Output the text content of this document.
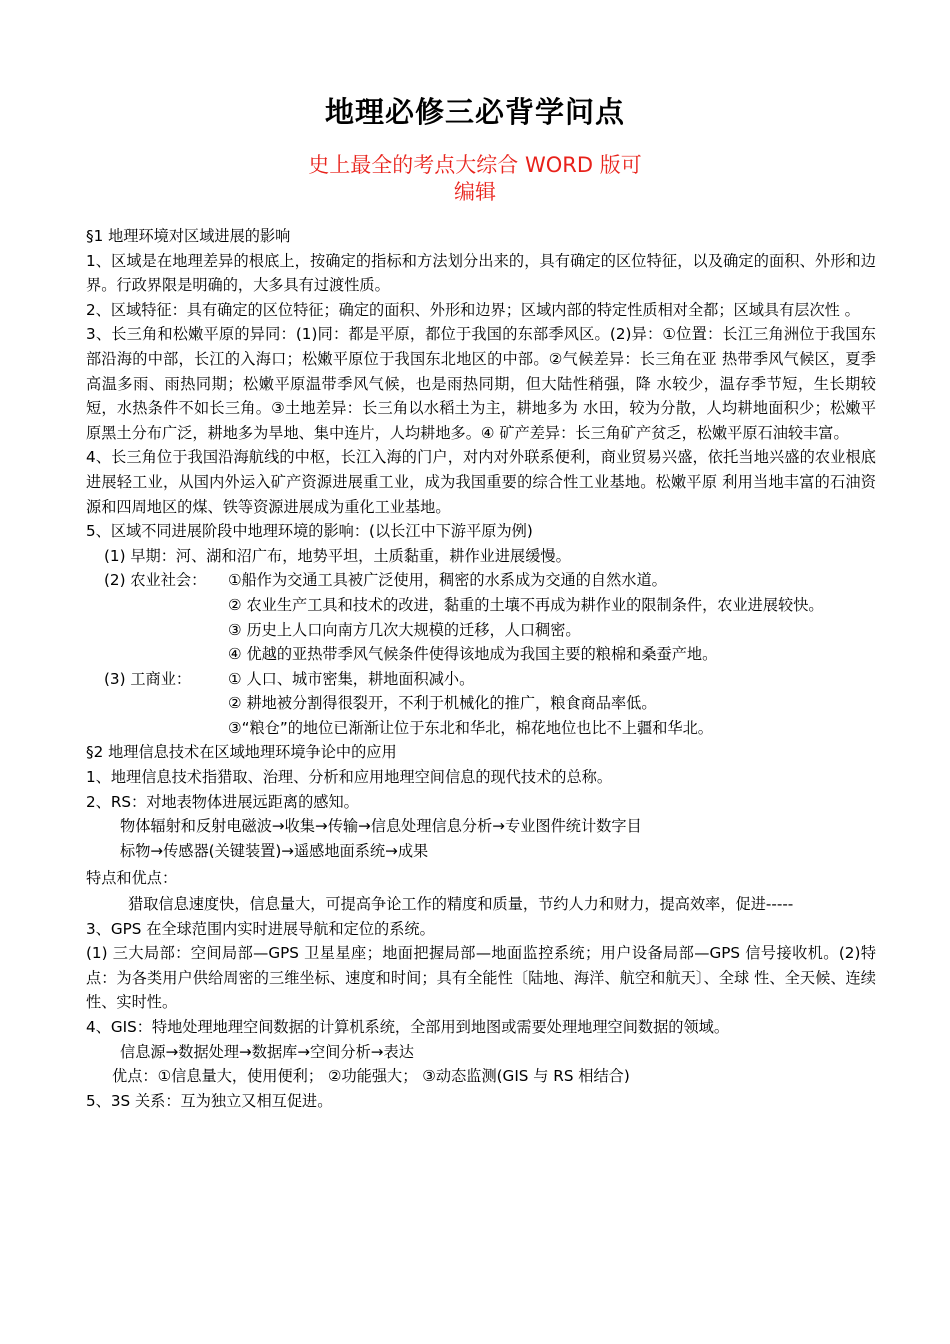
地理必修三必背学问点
史上最全的考点大综合 WORD 版可
编辑

§1 地理环境对区域进展的影响

1、区域是在地理差异的根底上，按确定的指标和方法划分出来的，具有确定的区位特征，以及确定的面积、外形和边界。行政界限是明确的，大多具有过渡性质。

2、区域特征：具有确定的区位特征；确定的面积、外形和边界；区域内部的特定性质相对全都；区域具有层次性 。

3、长三角和松嫩平原的异同：(1)同：都是平原，都位于我国的东部季风区。(2)异：①位置：长江三角洲位于我国东部沿海的中部，长江的入海口；松嫩平原位于我国东北地区的中部。②气候差异：长三角在亚 热带季风气候区，夏季高温多雨、雨热同期；松嫩平原温带季风气候，也是雨热同期，但大陆性稍强，降 水较少，温存季节短，生长期较短，水热条件不如长三角。③土地差异：长三角以水稻土为主，耕地多为 水田，较为分散，人均耕地面积少；松嫩平原黑土分布广泛，耕地多为旱地、集中连片，人均耕地多。④ 矿产差异：长三角矿产贫乏，松嫩平原石油较丰富。

4、长三角位于我国沿海航线的中枢，长江入海的门户，对内对外联系便利，商业贸易兴盛，依托当地兴盛的农业根底进展轻工业，从国内外运入矿产资源进展重工业，成为我国重要的综合性工业基地。松嫩平原 利用当地丰富的石油资源和四周地区的煤、铁等资源进展成为重化工业基地。

5、区域不同进展阶段中地理环境的影响：(以长江中下游平原为例)

(1) 早期：河、湖和沼广布，地势平坦，土质黏重，耕作业进展缓慢。

(2) 农业社会：	①船作为交通工具被广泛使用，稠密的水系成为交通的自然水道。

② 农业生产工具和技术的改进，黏重的土壤不再成为耕作业的限制条件，农业进展较快。

③ 历史上人口向南方几次大规模的迁移，人口稠密。

④ 优越的亚热带季风气候条件使得该地成为我国主要的粮棉和桑蚕产地。

(3) 工商业：	① 人口、城市密集，耕地面积减小。

② 耕地被分割得很裂开，不利于机械化的推广，粮食商品率低。

③“粮仓”的地位已渐渐让位于东北和华北，棉花地位也比不上疆和华北。

§2 地理信息技术在区域地理环境争论中的应用

1、地理信息技术指猎取、治理、分析和应用地理空间信息的现代技术的总称。

2、RS：对地表物体进展远距离的感知。

物体辐射和反射电磁波→收集→传输→信息处理信息分析→专业图件统计数字目

标物→传感器(关键装置)→遥感地面系统→成果

特点和优点：

猎取信息速度快，信息量大，可提高争论工作的精度和质量，节约人力和财力，提高效率，促进-----

3、GPS 在全球范围内实时进展导航和定位的系统。

(1) 三大局部：空间局部—GPS 卫星星座；地面把握局部—地面监控系统；用户设备局部—GPS 信号接收机。(2)特点：为各类用户供给周密的三维坐标、速度和时间；具有全能性〔陆地、海洋、航空和航天〕、全球 性、全天候、连续性、实时性。

4、GIS：特地处理地理空间数据的计算机系统，全部用到地图或需要处理地理空间数据的领域。

信息源→数据处理→数据库→空间分析→表达

优点：①信息量大，使用便利； ②功能强大； ③动态监测(GIS 与 RS 相结合)

5、3S 关系：互为独立又相互促进。
